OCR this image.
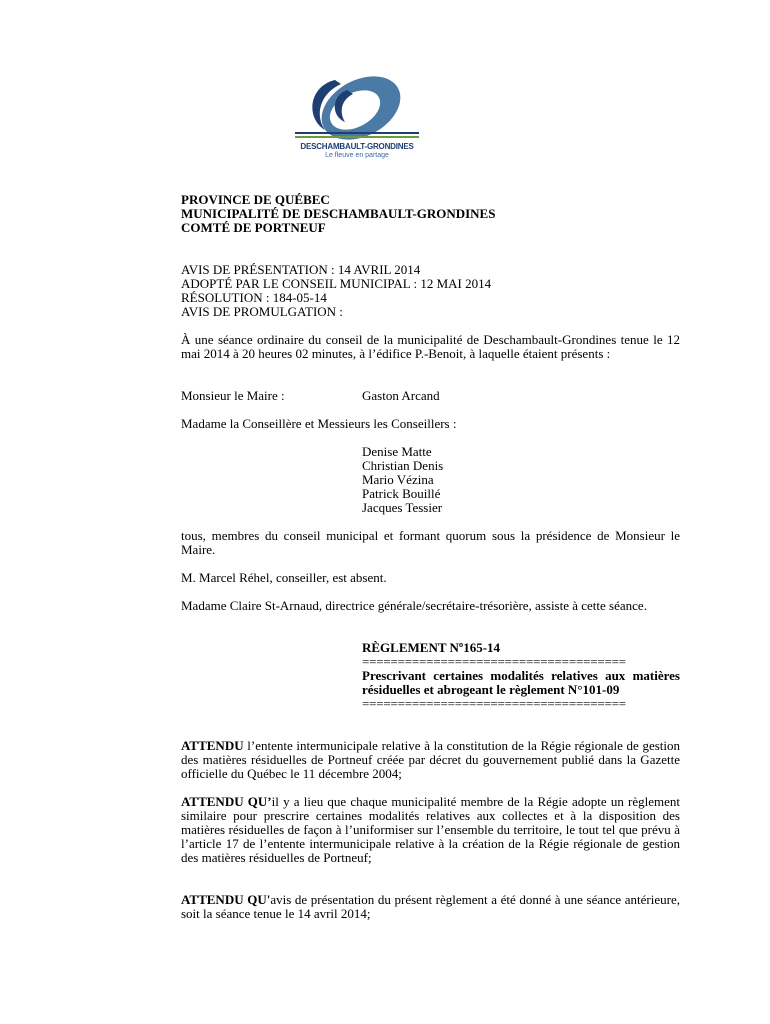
DESCHAMBAULT-GRONDINES
Le fleuve en partage
PROVINCE DE QUÉBEC
MUNICIPALITÉ DE DESCHAMBAULT-GRONDINES
COMTÉ DE PORTNEUF
AVIS DE PRÉSENTATION : 14 AVRIL 2014
ADOPTÉ PAR LE CONSEIL MUNICIPAL : 12 MAI 2014
RÉSOLUTION : 184-05-14
AVIS DE PROMULGATION :
À une séance ordinaire du conseil de la municipalité de Deschambault-Grondines tenue le 12 mai 2014 à 20 heures 02 minutes, à l’édifice P.-Benoit, à laquelle étaient présents :
Monsieur le Maire :	Gaston Arcand
Madame la Conseillère et Messieurs les Conseillers :
Denise Matte
Christian Denis
Mario Vézina
Patrick Bouillé
Jacques Tessier
tous, membres du conseil municipal et formant quorum sous la présidence de Monsieur le Maire.
M. Marcel Réhel, conseiller, est absent.
Madame Claire St-Arnaud, directrice générale/secrétaire-trésorière, assiste à cette séance.
RÈGLEMENT Nº165-14
=====================================
Prescrivant certaines modalités relatives aux matières résiduelles et abrogeant le règlement N°101-09
=====================================
ATTENDU l’entente intermunicipale relative à la constitution de la Régie régionale de gestion des matières résiduelles de Portneuf créée par décret du gouvernement publié dans la Gazette officielle du Québec le 11 décembre 2004;
ATTENDU QU’il y a lieu que chaque municipalité membre de la Régie adopte un règlement similaire pour prescrire certaines modalités relatives aux collectes et à la disposition des matières résiduelles de façon à l’uniformiser sur l’ensemble du territoire, le tout tel que prévu à l’article 17 de l’entente intermunicipale relative à la création de la Régie régionale de gestion des matières résiduelles de Portneuf;
ATTENDU QU'avis de présentation du présent règlement a été donné à une séance antérieure, soit la séance tenue le 14 avril 2014;
